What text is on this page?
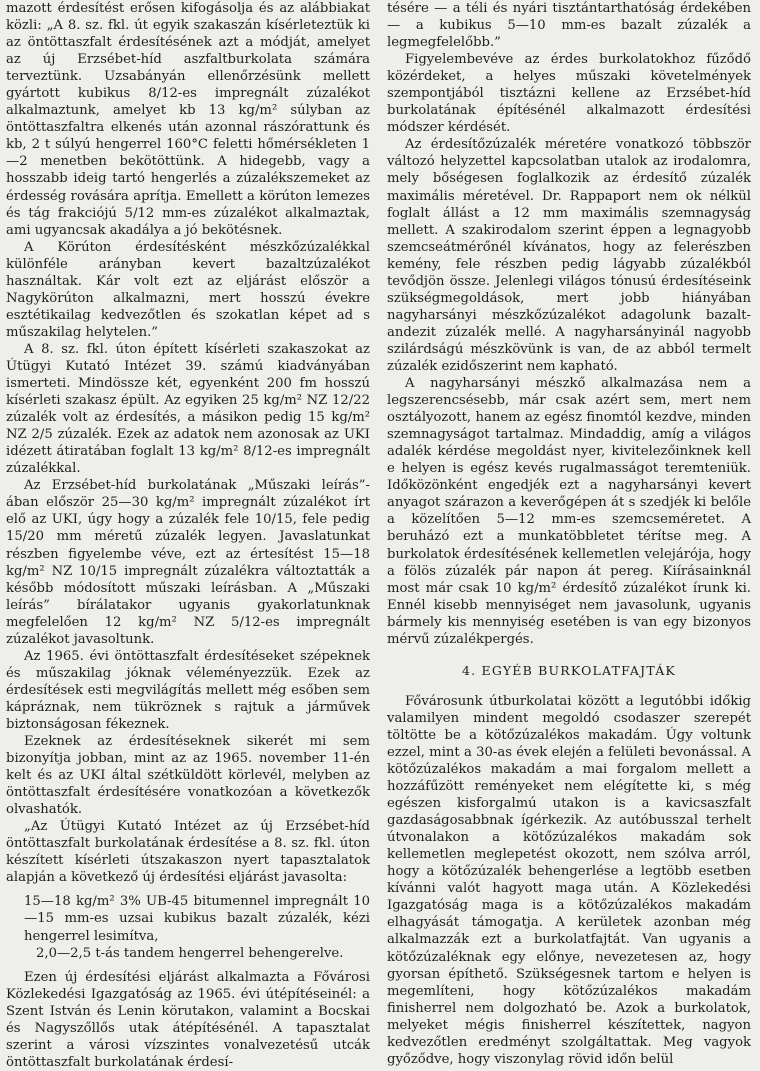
mazott érdesítést erősen kifogásolja és az alábbiakat közli: „A 8. sz. fkl. út egyik szakaszán kísérleteztük ki az öntöttaszfalt érdesítésének azt a módját, amelyet az új Erzsébet-híd aszfaltburkolata számára terveztünk. Uzsabányán ellenőrzésünk mellett gyártott kubikus 8/12-es impregnált zúzalékot alkalmaztunk, amelyet kb 13 kg/m² súlyban az öntöttaszfaltra elkenés után azonnal rászórattunk és kb, 2 t súlyú hengerrel 160°C feletti hőmérsékleten 1—2 menetben bekötöttünk. A hidegebb, vagy a hosszabb ideig tartó hengerlés a zúzalékszemeket az érdesség rovására aprítja. Emellett a körúton lemezes és tág frakciójú 5/12 mm-es zúzalékot alkalmaztak, ami ugyancsak akadálya a jó bekötésnek.

A Körúton érdesítésként mészkőzúzalékkal különféle arányban kevert bazaltzúzalékot használtak. Kár volt ezt az eljárást először a Nagykörúton alkalmazni, mert hosszú évekre esztétikailag kedvezőtlen és szokatlan képet ad s műszakilag helytelen.”

A 8. sz. fkl. úton épített kísérleti szakaszokat az Útügyi Kutató Intézet 39. számú kiadványában ismerteti. Mindössze két, egyenként 200 fm hosszú kísérleti szakasz épült. Az egyiken 25 kg/m² NZ 12/22 zúzalék volt az érdesítés, a másikon pedig 15 kg/m² NZ 2/5 zúzalék. Ezek az adatok nem azonosak az UKI idézett átiratában foglalt 13 kg/m² 8/12-es impregnált zúzalékkal.

Az Erzsébet-híd burkolatának „Műszaki leírás”-ában először 25—30 kg/m² impregnált zúzalékot írt elő az UKI, úgy hogy a zúzalék fele 10/15, fele pedig 15/20 mm méretű zúzalék legyen. Javaslatunkat részben figyelembe véve, ezt az értesítést 15—18 kg/m² NZ 10/15 impregnált zúzalékra változtatták a később módosított műszaki leírásban. A „Műszaki leírás” bírálatakor ugyanis gyakorlatunknak megfelelően 12 kg/m² NZ 5/12-es impregnált zúzalékot javasoltunk.

Az 1965. évi öntöttaszfalt érdesítéseket szépeknek és műszakilag jóknak véleményezzük. Ezek az érdesítések esti megvilágítás mellett még esőben sem kápráznak, nem tükröznek s rajtuk a járművek biztonságosan fékeznek.

Ezeknek az érdesítéseknek sikerét mi sem bizonyítja jobban, mint az az 1965. november 11-én kelt és az UKI által szétküldött körlevél, melyben az öntöttaszfalt érdesítésére vonatkozóan a következők olvashatók.

„Az Útügyi Kutató Intézet az új Erzsébet-híd öntöttaszfalt burkolatának érdesítése a 8. sz. fkl. úton készített kísérleti útszakaszon nyert tapasztalatok alapján a következő új érdesítési eljárást javasolta:

15—18 kg/m² 3% UB-45 bitumennel impregnált 10—15 mm-es uzsai kubikus bazalt zúzalék, kézi hengerrel lesimítva,
2,0—2,5 t-ás tandem hengerrel behengerelve.

Ezen új érdesítési eljárást alkalmazta a Fővárosi Közlekedési Igazgatóság az 1965. évi útépítéseinél: a Szent István és Lenin körutakon, valamint a Bocskai és Nagyszőllős utak átépítésénél. A tapasztalat szerint a városi vízszintes vonalvezetésű utcák öntöttaszfalt burkolatának érdesí-

tésére — a téli és nyári tisztántarthatóság érdekében — a kubikus 5—10 mm-es bazalt zúzalék a legmegfelelőbb.”

Figyelembevéve az érdes burkolatokhoz fűződő közérdeket, a helyes műszaki követelmények szempontjából tisztázni kellene az Erzsébet-híd burkolatának építésénél alkalmazott érdesítési módszer kérdését.

Az érdesítőzúzalék méretére vonatkozó többször változó helyzettel kapcsolatban utalok az irodalomra, mely bőségesen foglalkozik az érdesítő zúzalék maximális méretével. Dr. Rappaport nem ok nélkül foglalt állást a 12 mm maximális szemnagyság mellett. A szakirodalom szerint éppen a legnagyobb szemcseátmérőnél kívánatos, hogy az felerészben kemény, fele részben pedig lágyabb zúzalékból tevődjön össze. Jelenlegi világos tónusú érdesítéseink szükségmegoldások, mert jobb hiányában nagyharsányi mészkőzúzalékot adagolunk bazalt-andezit zúzalék mellé. A nagyharsányinál nagyobb szilárdságú mészkövünk is van, de az abból termelt zúzalék ezidőszerint nem kapható.

A nagyharsányi mészkő alkalmazása nem a legszerencsésebb, már csak azért sem, mert nem osztályozott, hanem az egész finomtól kezdve, minden szemnagyságot tartalmaz. Mindaddig, amíg a világos adalék kérdése megoldást nyer, kivitelezőinknek kell e helyen is egész kevés rugalmasságot teremteniük. Időközönként engedjék ezt a nagyharsányi kevert anyagot szárazon a keverőgépen át s szedjék ki belőle a közelítően 5—12 mm-es szemcseméretet. A beruházó ezt a munkatöbbletet térítse meg. A burkolatok érdesítésének kellemetlen velejárója, hogy a fölös zúzalék pár napon át pereg. Kiírásainknál most már csak 10 kg/m² érdesítő zúzalékot írunk ki. Ennél kisebb mennyiséget nem javasolunk, ugyanis bármely kis mennyiség esetében is van egy bizonyos mérvű zúzalékpergés.

4. EGYÉB BURKOLATFAJTÁK

Fővárosunk útburkolatai között a legutóbbi időkig valamilyen mindent megoldó csodaszer szerepét töltötte be a kötőzúzalékos makadám. Úgy voltunk ezzel, mint a 30-as évek elején a felületi bevonással. A kötőzúzalékos makadám a mai forgalom mellett a hozzáfűzött reményeket nem elégítette ki, s még egészen kisforgalmú utakon is a kavicsaszfalt gazdaságosabbnak ígérkezik. Az autóbusszal terhelt útvonalakon a kötőzúzalékos makadám sok kellemetlen meglepetést okozott, nem szólva arról, hogy a kötőzúzalék behengerlése a legtöbb esetben kívánni valót hagyott maga után. A Közlekedési Igazgatóság maga is a kötőzúzalékos makadám elhagyását támogatja. A kerületek azonban még alkalmazzák ezt a burkolatfajtát. Van ugyanis a kötőzúzaléknak egy előnye, nevezetesen az, hogy gyorsan építhető. Szükségesnek tartom e helyen is megemlíteni, hogy kötőzúzalékos makadám finisherrel nem dolgozható be. Azok a burkolatok, melyeket mégis finisherrel készítettek, nagyon kedvezőtlen eredményt szolgáltattak. Meg vagyok győződve, hogy viszonylag rövid időn belül
